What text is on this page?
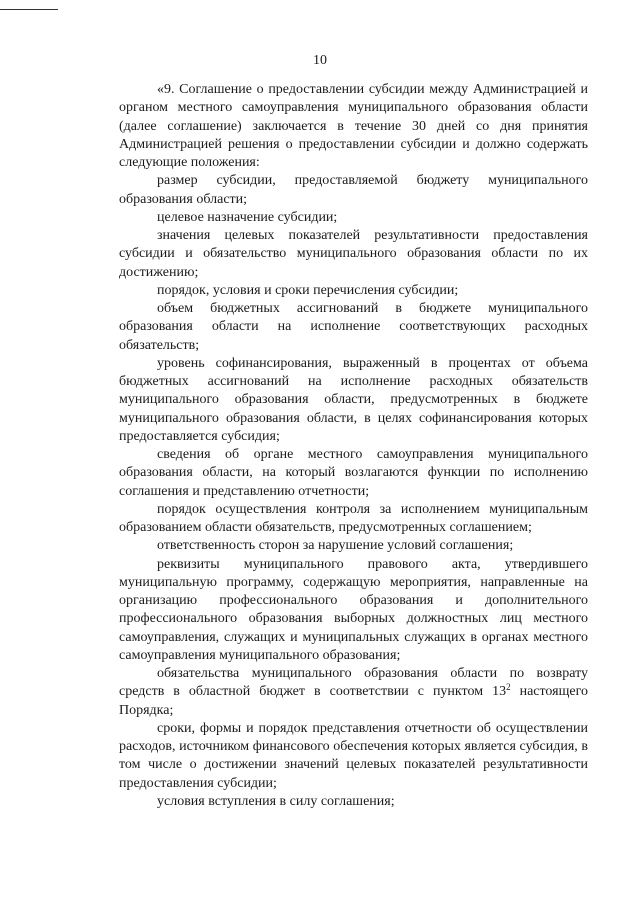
10

«9. Соглашение о предоставлении субсидии между Администрацией и органом местного самоуправления муниципального образования области (далее соглашение) заключается в течение 30 дней со дня принятия Администрацией решения о предоставлении субсидии и должно содержать следующие положения:

размер субсидии, предоставляемой бюджету муниципального образования области;

целевое назначение субсидии;

значения целевых показателей результативности предоставления субсидии и обязательство муниципального образования области по их достижению;

порядок, условия и сроки перечисления субсидии;

объем бюджетных ассигнований в бюджете муниципального образования области на исполнение соответствующих расходных обязательств;

уровень софинансирования, выраженный в процентах от объема бюджетных ассигнований на исполнение расходных обязательств муниципального образования области, предусмотренных в бюджете муниципального образования области, в целях софинансирования которых предоставляется субсидия;

сведения об органе местного самоуправления муниципального образования области, на который возлагаются функции по исполнению соглашения и представлению отчетности;

порядок осуществления контроля за исполнением муниципальным образованием области обязательств, предусмотренных соглашением;

ответственность сторон за нарушение условий соглашения;

реквизиты муниципального правового акта, утвердившего муниципальную программу, содержащую мероприятия, направленные на организацию профессионального образования и дополнительного профессионального образования выборных должностных лиц местного самоуправления, служащих и муниципальных служащих в органах местного самоуправления муниципального образования;

обязательства муниципального образования области по возврату средств в областной бюджет в соответствии с пунктом $13^2$ настоящего Порядка;

сроки, формы и порядок представления отчетности об осуществлении расходов, источником финансового обеспечения которых является субсидия, в том числе о достижении значений целевых показателей результативности предоставления субсидии;

условия вступления в силу соглашения;
